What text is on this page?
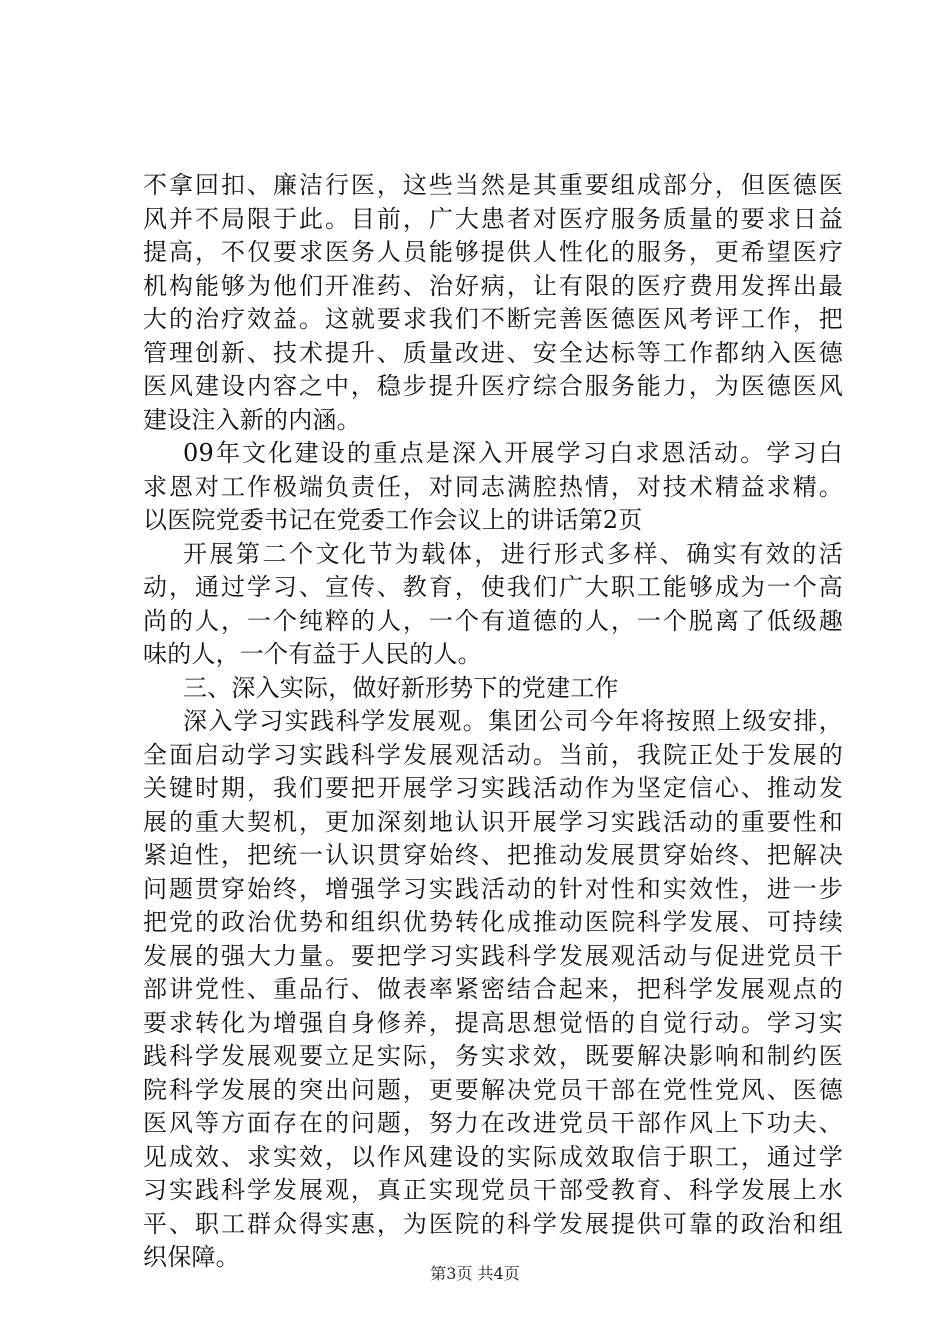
不拿回扣、廉洁行医，这些当然是其重要组成部分，但医德医
风并不局限于此。目前，广大患者对医疗服务质量的要求日益
提高，不仅要求医务人员能够提供人性化的服务，更希望医疗
机构能够为他们开准药、治好病，让有限的医疗费用发挥出最
大的治疗效益。这就要求我们不断完善医德医风考评工作，把
管理创新、技术提升、质量改进、安全达标等工作都纳入医德
医风建设内容之中，稳步提升医疗综合服务能力，为医德医风
建设注入新的内涵。
09年文化建设的重点是深入开展学习白求恩活动。学习白
求恩对工作极端负责任，对同志满腔热情，对技术精益求精。
以医院党委书记在党委工作会议上的讲话第2页
开展第二个文化节为载体，进行形式多样、确实有效的活
动，通过学习、宣传、教育，使我们广大职工能够成为一个高
尚的人，一个纯粹的人，一个有道德的人，一个脱离了低级趣
味的人，一个有益于人民的人。
三、深入实际，做好新形势下的党建工作
深入学习实践科学发展观。集团公司今年将按照上级安排，
全面启动学习实践科学发展观活动。当前，我院正处于发展的
关键时期，我们要把开展学习实践活动作为坚定信心、推动发
展的重大契机，更加深刻地认识开展学习实践活动的重要性和
紧迫性，把统一认识贯穿始终、把推动发展贯穿始终、把解决
问题贯穿始终，增强学习实践活动的针对性和实效性，进一步
把党的政治优势和组织优势转化成推动医院科学发展、可持续
发展的强大力量。要把学习实践科学发展观活动与促进党员干
部讲党性、重品行、做表率紧密结合起来，把科学发展观点的
要求转化为增强自身修养，提高思想觉悟的自觉行动。学习实
践科学发展观要立足实际，务实求效，既要解决影响和制约医
院科学发展的突出问题，更要解决党员干部在党性党风、医德
医风等方面存在的问题，努力在改进党员干部作风上下功夫、
见成效、求实效，以作风建设的实际成效取信于职工，通过学
习实践科学发展观，真正实现党员干部受教育、科学发展上水
平、职工群众得实惠，为医院的科学发展提供可靠的政治和组
织保障。
第3页 共4页
